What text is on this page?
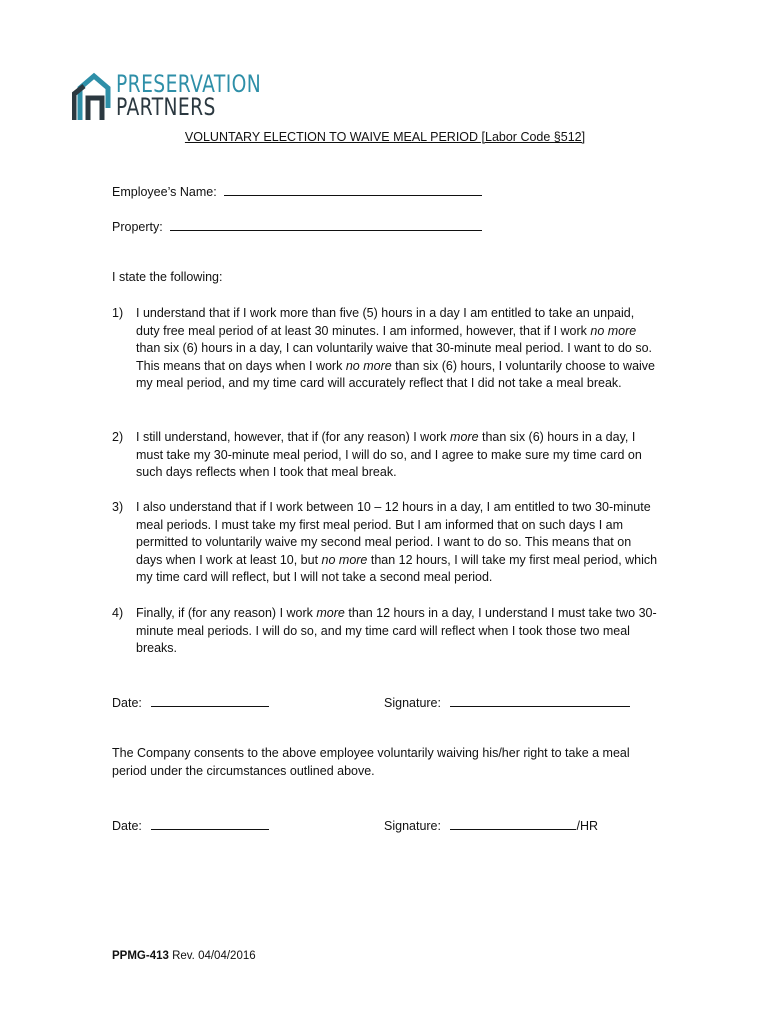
PRESERVATION
PARTNERS
VOLUNTARY ELECTION TO WAIVE MEAL PERIOD [Labor Code §512]
Employee’s Name:
Property:
I state the following:
1) I understand that if I work more than five (5) hours in a day I am entitled to take an unpaid, duty free meal period of at least 30 minutes. I am informed, however, that if I work no more than six (6) hours in a day, I can voluntarily waive that 30-minute meal period. I want to do so. This means that on days when I work no more than six (6) hours, I voluntarily choose to waive my meal period, and my time card will accurately reflect that I did not take a meal break.
2) I still understand, however, that if (for any reason) I work more than six (6) hours in a day, I must take my 30-minute meal period, I will do so, and I agree to make sure my time card on such days reflects when I took that meal break.
3) I also understand that if I work between 10 – 12 hours in a day, I am entitled to two 30-minute meal periods. I must take my first meal period. But I am informed that on such days I am permitted to voluntarily waive my second meal period. I want to do so. This means that on days when I work at least 10, but no more than 12 hours, I will take my first meal period, which my time card will reflect, but I will not take a second meal period.
4) Finally, if (for any reason) I work more than 12 hours in a day, I understand I must take two 30-minute meal periods. I will do so, and my time card will reflect when I took those two meal breaks.
Date:	Signature:
The Company consents to the above employee voluntarily waiving his/her right to take a meal period under the circumstances outlined above.
Date:	Signature:	/HR
PPMG-413 Rev. 04/04/2016
